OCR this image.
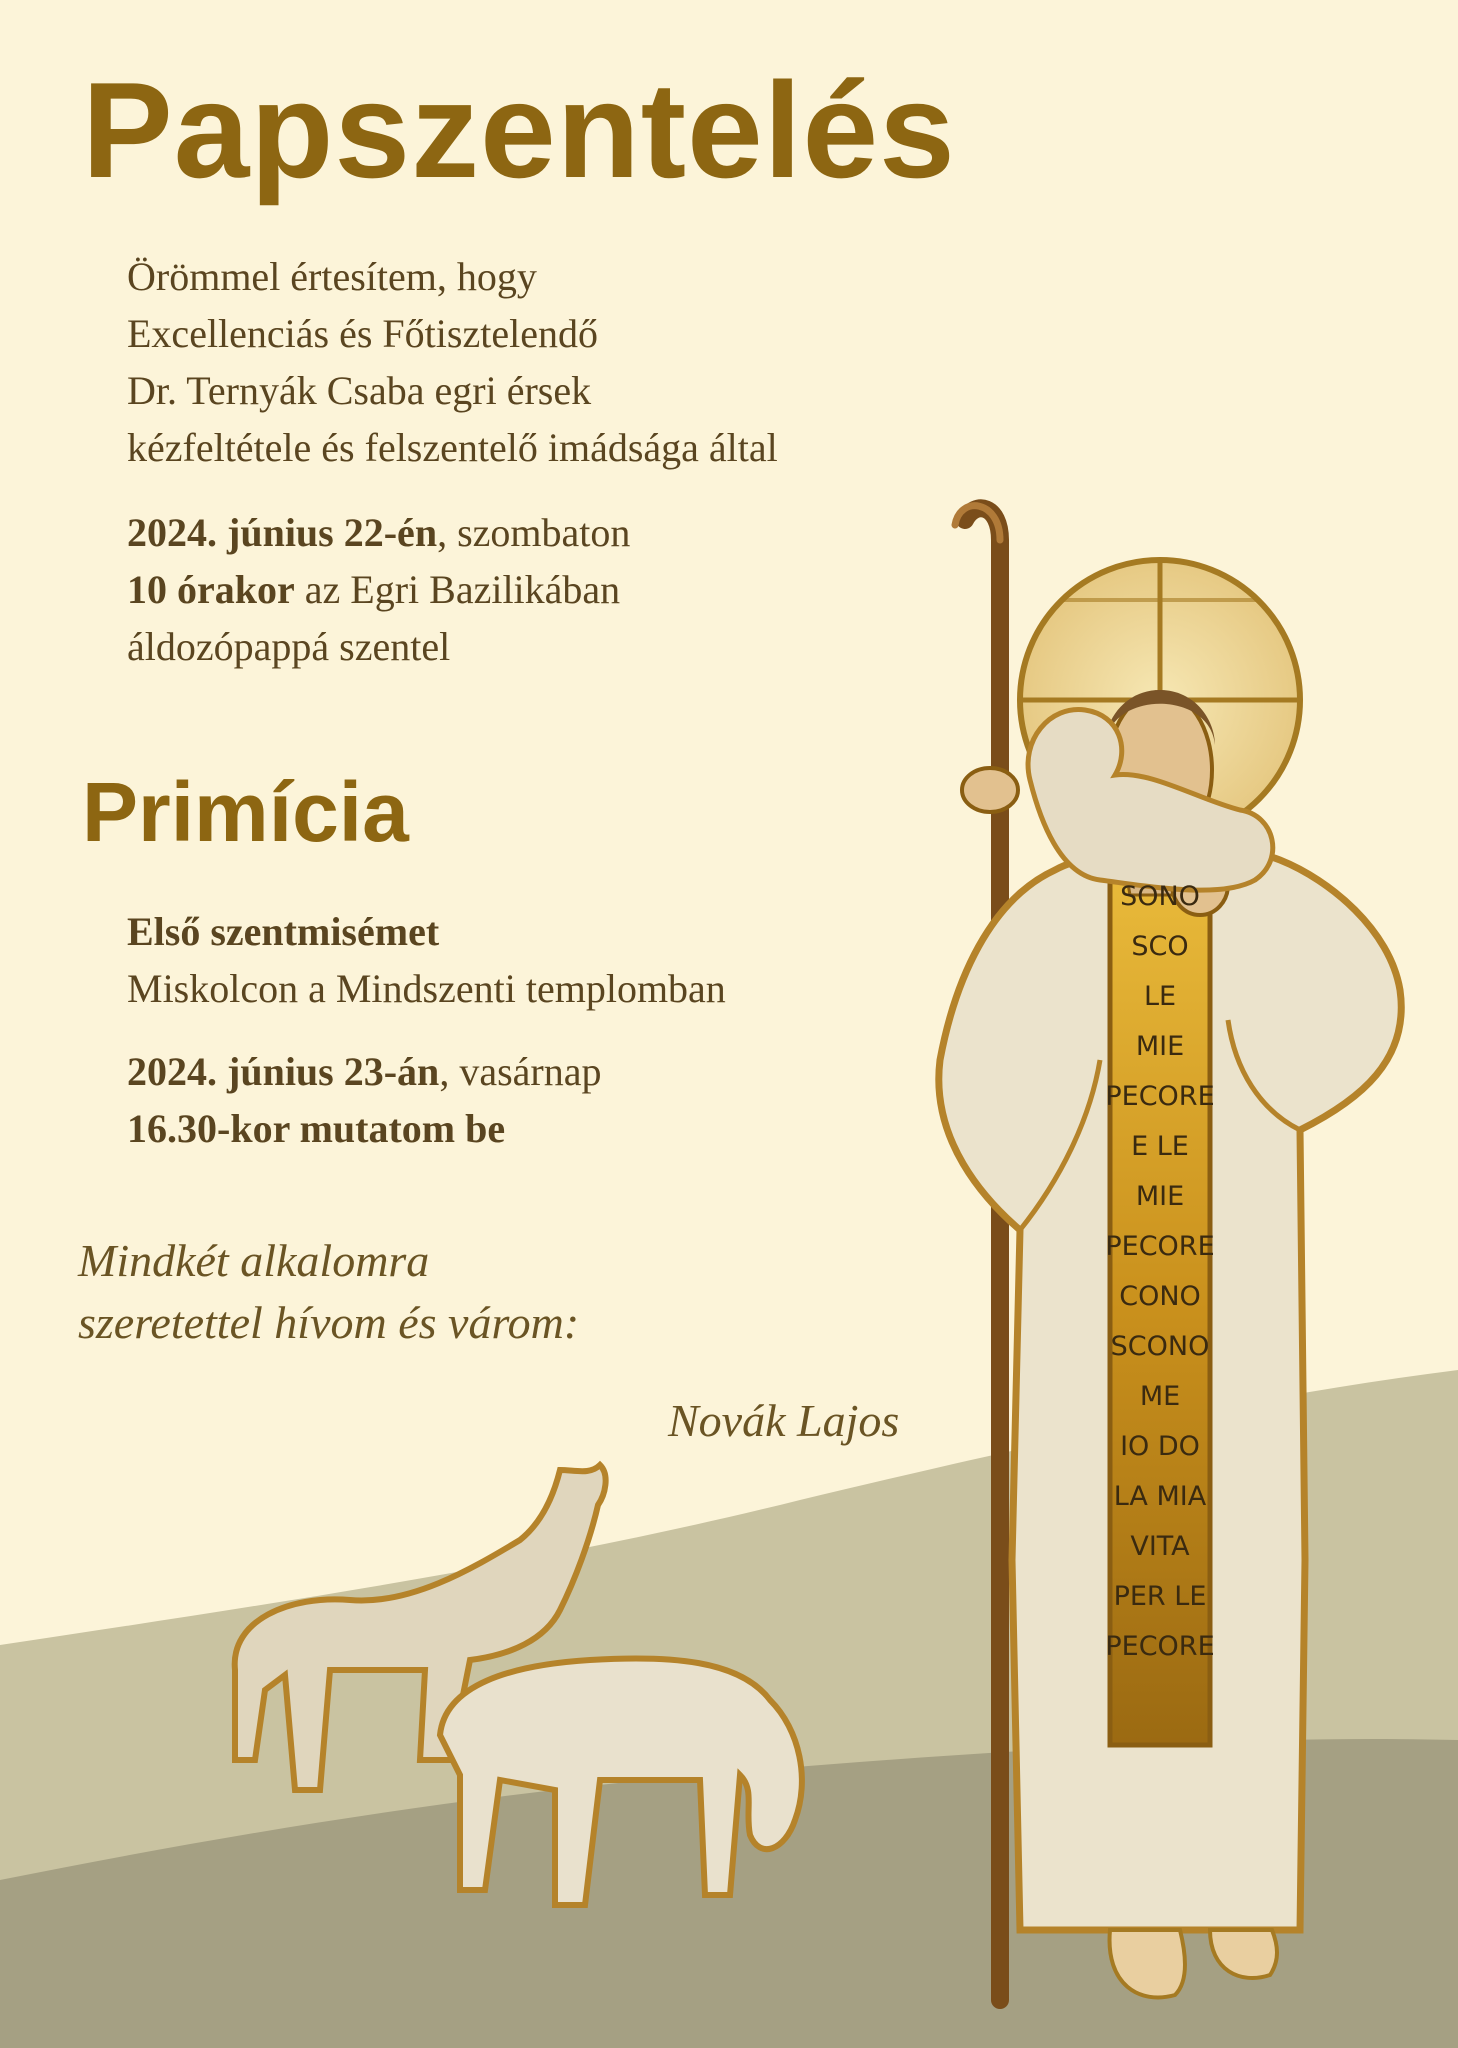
SONO
SCO
LE
MIE
PECORE
E LE
MIE
PECORE
CONO
SCONO
ME
IO DO
LA MIA
VITA
PER LE
PECORE
Papszentelés
Örömmel értesítem, hogy
Excellenciás és Főtisztelendő
Dr. Ternyák Csaba egri érsek
kézfeltétele és felszentelő imádsága által
2024. június 22-én, szombaton
10 órakor az Egri Bazilikában
áldozópappá szentel
Primícia
Első szentmisémet
Miskolcon a Mindszenti templomban
2024. június 23-án, vasárnap
16.30-kor mutatom be
Mindkét alkalomra
szeretettel hívom és várom:
Novák Lajos
